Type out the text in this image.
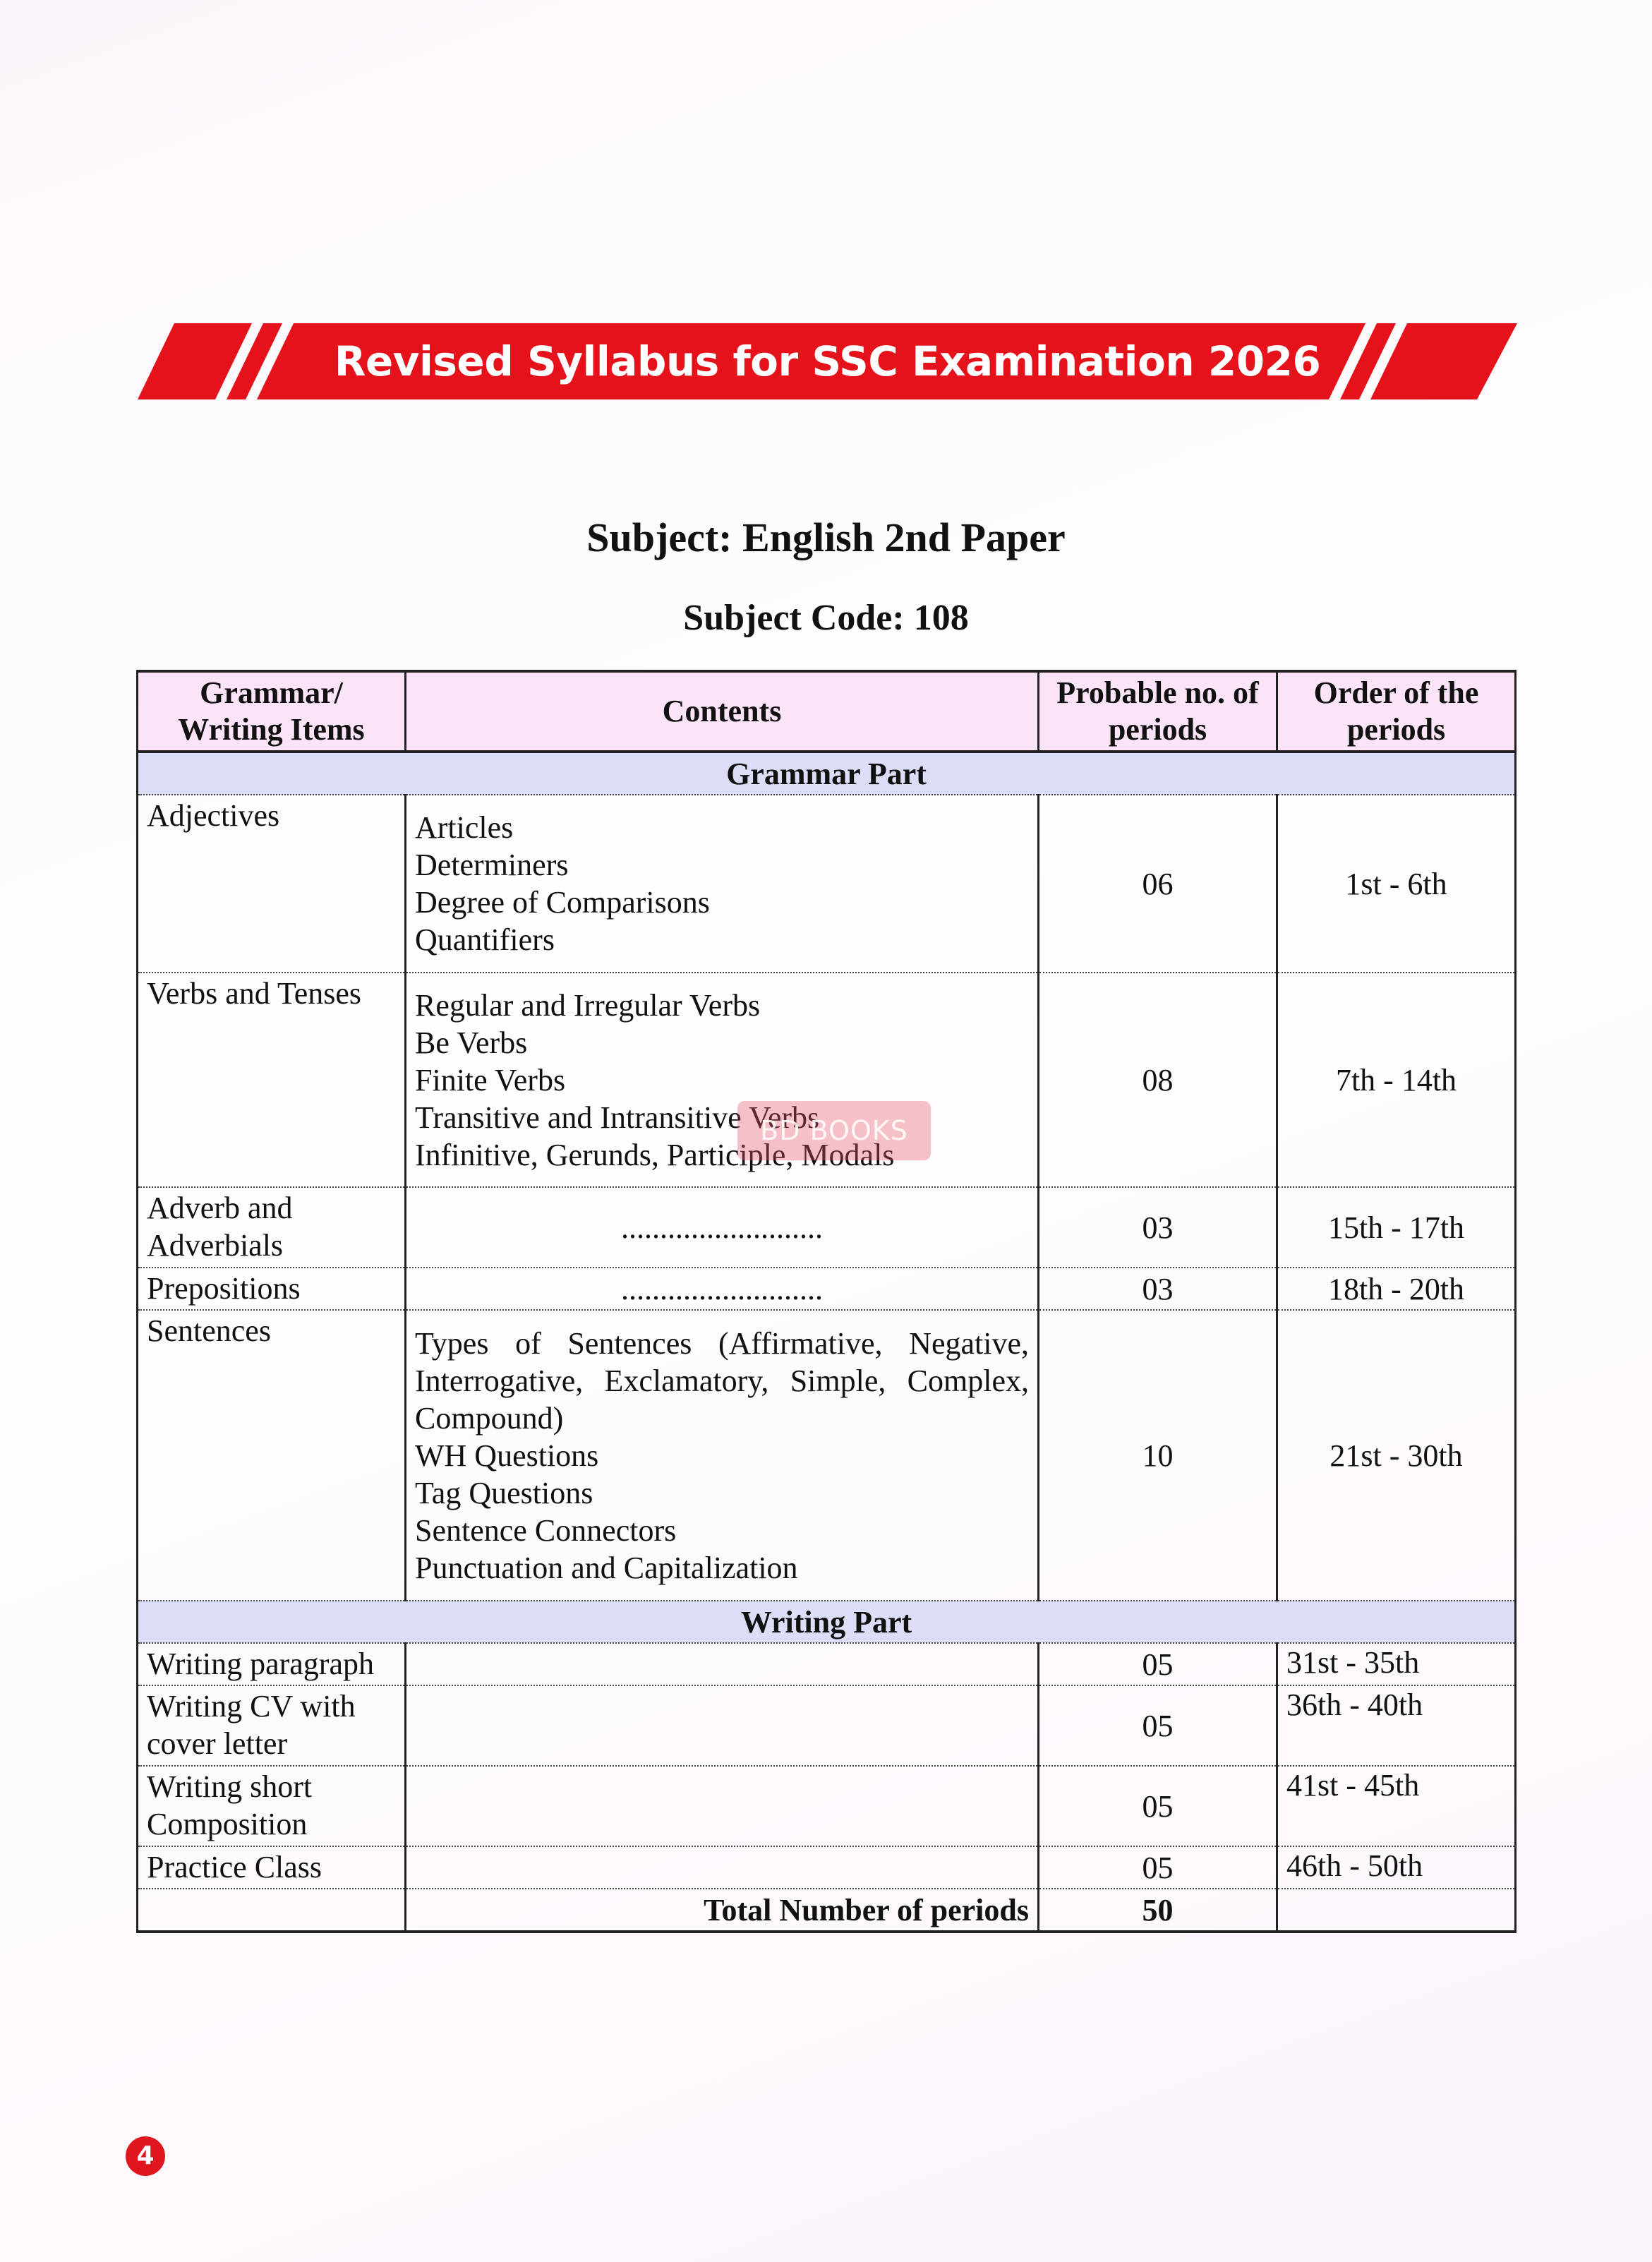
Revised Syllabus for SSC Examination 2026
Subject: English 2nd Paper
Subject Code: 108
Grammar/ Writing Items	Contents	Probable no. of periods	Order of the periods
Grammar Part			
Adjectives	Articles
Determiners
Degree of Comparisons
Quantifiers	06	1st - 6th
Verbs and Tenses	Regular and Irregular Verbs
Be Verbs
Finite Verbs
Transitive and Intransitive Verbs
Infinitive, Gerunds, Participle, Modals	08	7th - 14th
Adverb and Adverbials	..........................	03	15th - 17th
Prepositions	..........................	03	18th - 20th
Sentences	Types of Sentences (Affirmative, Negative, Interrogative, Exclamatory, Simple, Complex, Compound)
WH Questions
Tag Questions
Sentence Connectors
Punctuation and Capitalization	10	21st - 30th
Writing Part			
Writing paragraph		05	31st - 35th
Writing CV with cover letter		05	36th - 40th
Writing short Composition		05	41st - 45th
Practice Class		05	46th - 50th
	Total Number of periods	50	
BD BOOKS
4
